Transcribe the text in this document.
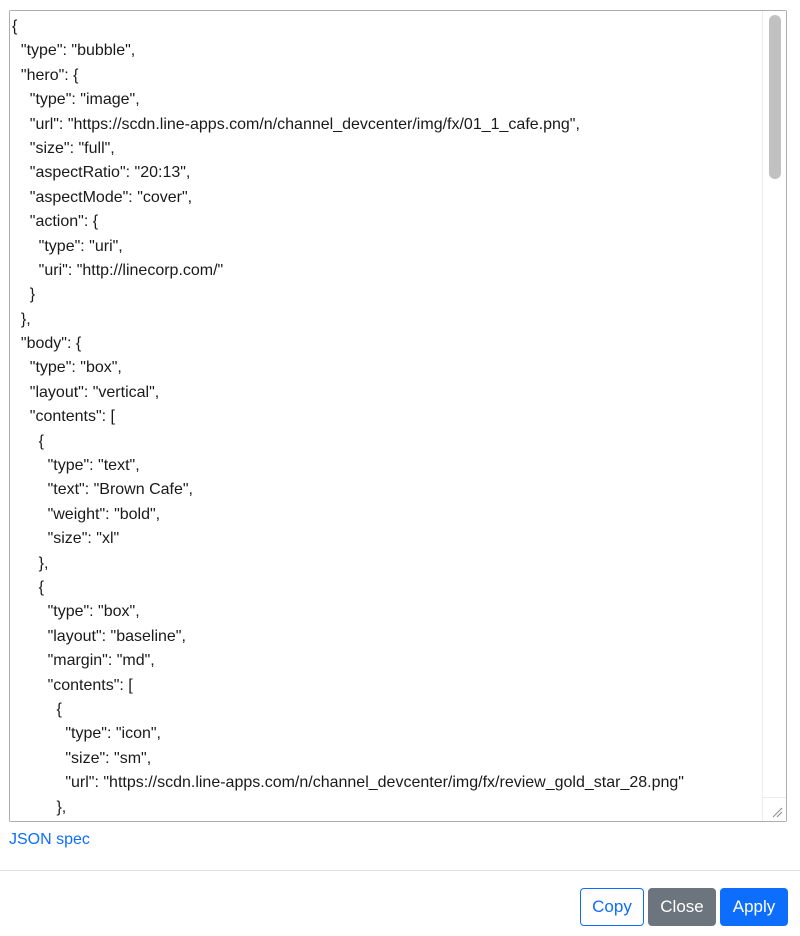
{
"type": "bubble",
"hero": {
"type": "image",
"url": "https://scdn.line-apps.com/n/channel_devcenter/img/fx/01_1_cafe.png",
"size": "full",
"aspectRatio": "20:13",
"aspectMode": "cover",
"action": {
"type": "uri",
"uri": "http://linecorp.com/"
}
},
"body": {
"type": "box",
"layout": "vertical",
"contents": [
{
"type": "text",
"text": "Brown Cafe",
"weight": "bold",
"size": "xl"
},
{
"type": "box",
"layout": "baseline",
"margin": "md",
"contents": [
{
"type": "icon",
"size": "sm",
"url": "https://scdn.line-apps.com/n/channel_devcenter/img/fx/review_gold_star_28.png"
},
JSON spec
Copy	Close	Apply
